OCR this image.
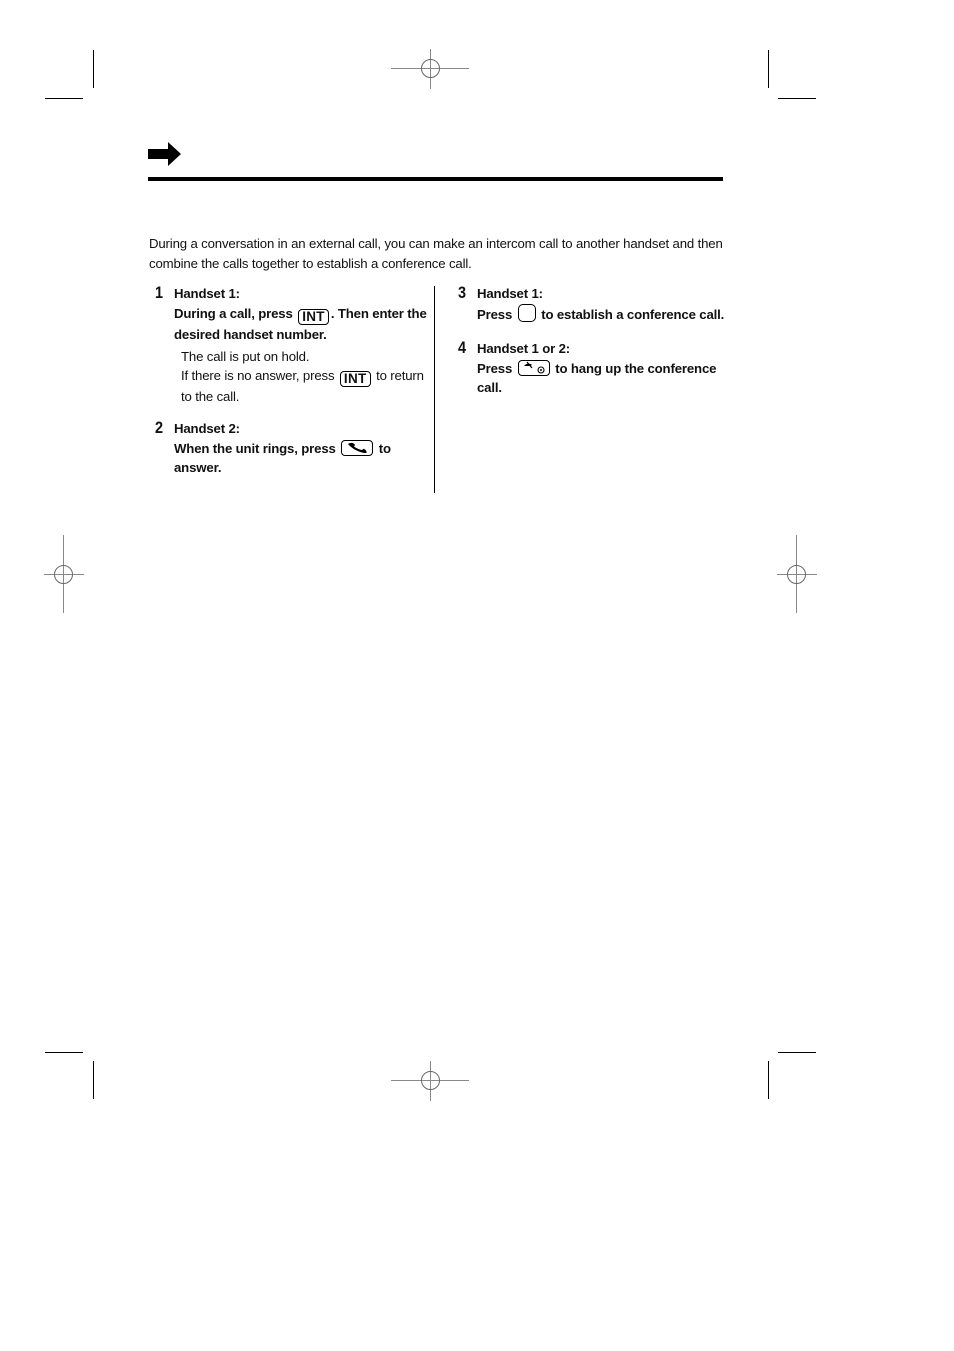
During a conversation in an external call, you can make an intercom call to another handset and then combine the calls together to establish a conference call.

1 Handset 1:
During a call, press INT . Then enter the desired handset number.
The call is put on hold.
If there is no answer, press INT to return to the call.
2 Handset 2:
When the unit rings, press	to answer.
3 Handset 1:
Press  to establish a conference call.
4 Handset 1 or 2:
Press	to hang up the conference call.
